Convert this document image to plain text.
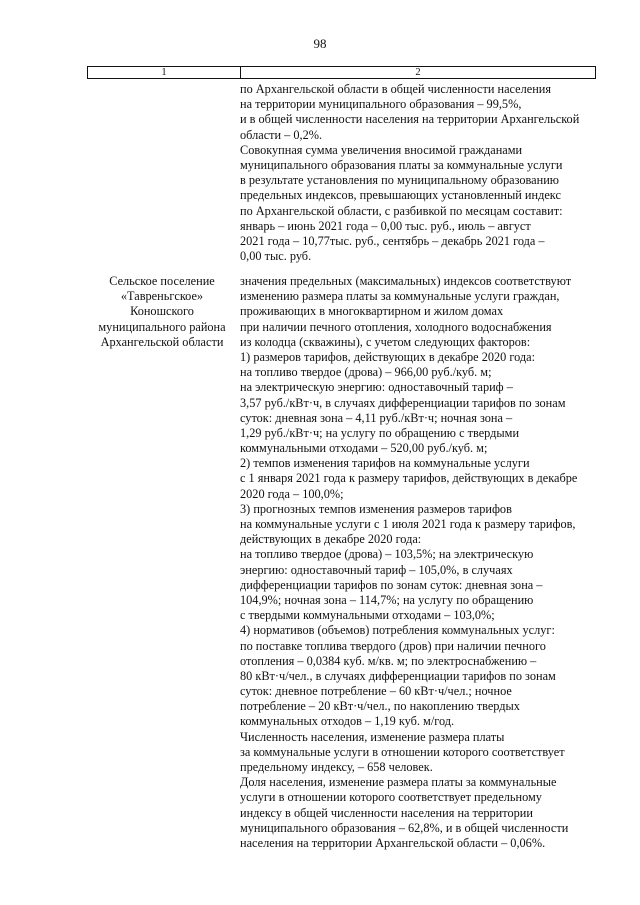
98
1	2
по Архангельской области в общей численности населения
на территории муниципального образования – 99,5%,
и в общей численности населения на территории Архангельской
области – 0,2%.
Совокупная сумма увеличения вносимой гражданами
муниципального образования платы за коммунальные услуги
в результате установления по муниципальному образованию
предельных индексов, превышающих установленный индекс
по Архангельской области, с разбивкой по месяцам составит:
январь – июнь 2021 года – 0,00 тыс. руб., июль – август
2021 года – 10,77тыс. руб., сентябрь – декабрь 2021 года –
0,00 тыс. руб.
Сельское поселение
«Тавреньгское»
Коношского
муниципального района
Архангельской области
значения предельных (максимальных) индексов соответствуют
изменению размера платы за коммунальные услуги граждан,
проживающих в многоквартирном и жилом домах
при наличии печного отопления, холодного водоснабжения
из колодца (скважины), с учетом следующих факторов:
1) размеров тарифов, действующих в декабре 2020 года:
на топливо твердое (дрова) – 966,00 руб./куб. м;
на электрическую энергию: одноставочный тариф –
3,57 руб./кВт·ч, в случаях дифференциации тарифов по зонам
суток: дневная зона – 4,11 руб./кВт·ч; ночная зона –
1,29 руб./кВт·ч; на услугу по обращению с твердыми
коммунальными отходами – 520,00 руб./куб. м;
2) темпов изменения тарифов на коммунальные услуги
с 1 января 2021 года к размеру тарифов, действующих в декабре
2020 года – 100,0%;
3) прогнозных темпов изменения размеров тарифов
на коммунальные услуги с 1 июля 2021 года к размеру тарифов,
действующих в декабре 2020 года:
на топливо твердое (дрова) – 103,5%; на электрическую
энергию: одноставочный тариф – 105,0%, в случаях
дифференциации тарифов по зонам суток: дневная зона –
104,9%; ночная зона – 114,7%; на услугу по обращению
с твердыми коммунальными отходами – 103,0%;
4) нормативов (объемов) потребления коммунальных услуг:
по поставке топлива твердого (дров) при наличии печного
отопления – 0,0384 куб. м/кв. м; по электроснабжению –
80 кВт·ч/чел., в случаях дифференциации тарифов по зонам
суток: дневное потребление – 60 кВт·ч/чел.; ночное
потребление – 20 кВт·ч/чел., по накоплению твердых
коммунальных отходов – 1,19 куб. м/год.
Численность населения, изменение размера платы
за коммунальные услуги в отношении которого соответствует
предельному индексу, – 658 человек.
Доля населения, изменение размера платы за коммунальные
услуги в отношении которого соответствует предельному
индексу в общей численности населения на территории
муниципального образования – 62,8%, и в общей численности
населения на территории Архангельской области – 0,06%.
